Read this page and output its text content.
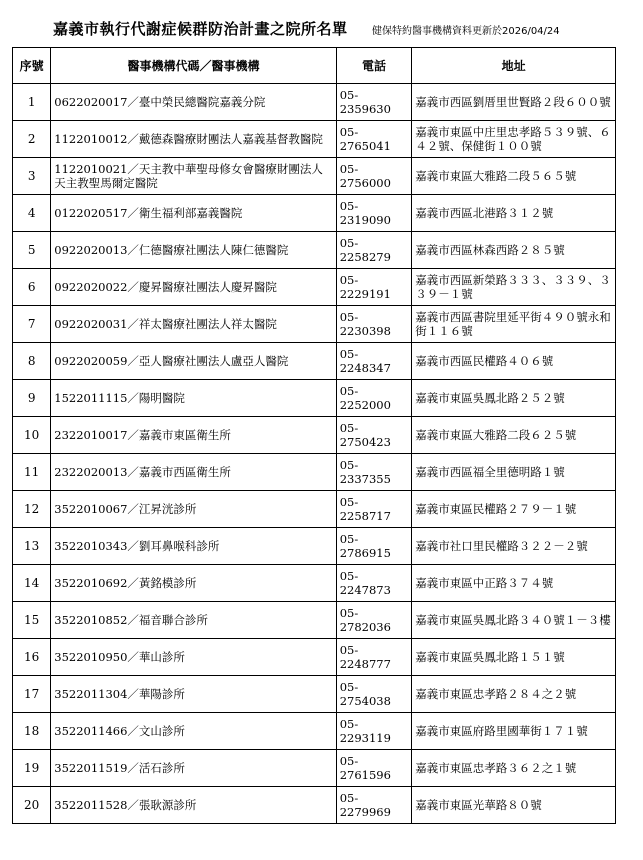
嘉義市執行代謝症候群防治計畫之院所名單 健保特約醫事機構資料更新於2026/04/24
序號	醫事機構代碼／醫事機構	電話	地址
1	0622020017／臺中榮民總醫院嘉義分院	05-2359630	嘉義市西區劉厝里世賢路２段６００號
2	1122010012／戴德森醫療財團法人嘉義基督教醫院	05-2765041	嘉義市東區中庄里忠孝路５３９號、６４２號、保健街１００號
3	1122010021／天主教中華聖母修女會醫療財團法人天主教聖馬爾定醫院	05-2756000	嘉義市東區大雅路二段５６５號
4	0122020517／衛生福利部嘉義醫院	05-2319090	嘉義市西區北港路３１２號
5	0922020013／仁德醫療社團法人陳仁德醫院	05-2258279	嘉義市西區林森西路２８５號
6	0922020022／慶昇醫療社團法人慶昇醫院	05-2229191	嘉義市西區新榮路３３３、３３９、３３９－１號
7	0922020031／祥太醫療社團法人祥太醫院	05-2230398	嘉義市西區書院里延平街４９０號永和街１１６號
8	0922020059／亞人醫療社團法人盧亞人醫院	05-2248347	嘉義市西區民權路４０６號
9	1522011115／陽明醫院	05-2252000	嘉義市東區吳鳳北路２５２號
10	2322010017／嘉義市東區衛生所	05-2750423	嘉義市東區大雅路二段６２５號
11	2322020013／嘉義市西區衛生所	05-2337355	嘉義市西區福全里德明路１號
12	3522010067／江昇洸診所	05-2258717	嘉義市東區民權路２７９－１號
13	3522010343／劉耳鼻喉科診所	05-2786915	嘉義市社口里民權路３２２－２號
14	3522010692／黃銘模診所	05-2247873	嘉義市東區中正路３７４號
15	3522010852／福音聯合診所	05-2782036	嘉義市東區吳鳳北路３４０號１－３樓
16	3522010950／華山診所	05-2248777	嘉義市東區吳鳳北路１５１號
17	3522011304／華陽診所	05-2754038	嘉義市東區忠孝路２８４之２號
18	3522011466／文山診所	05-2293119	嘉義市東區府路里國華街１７１號
19	3522011519／活石診所	05-2761596	嘉義市東區忠孝路３６２之１號
20	3522011528／張耿源診所	05-2279969	嘉義市東區光華路８０號
